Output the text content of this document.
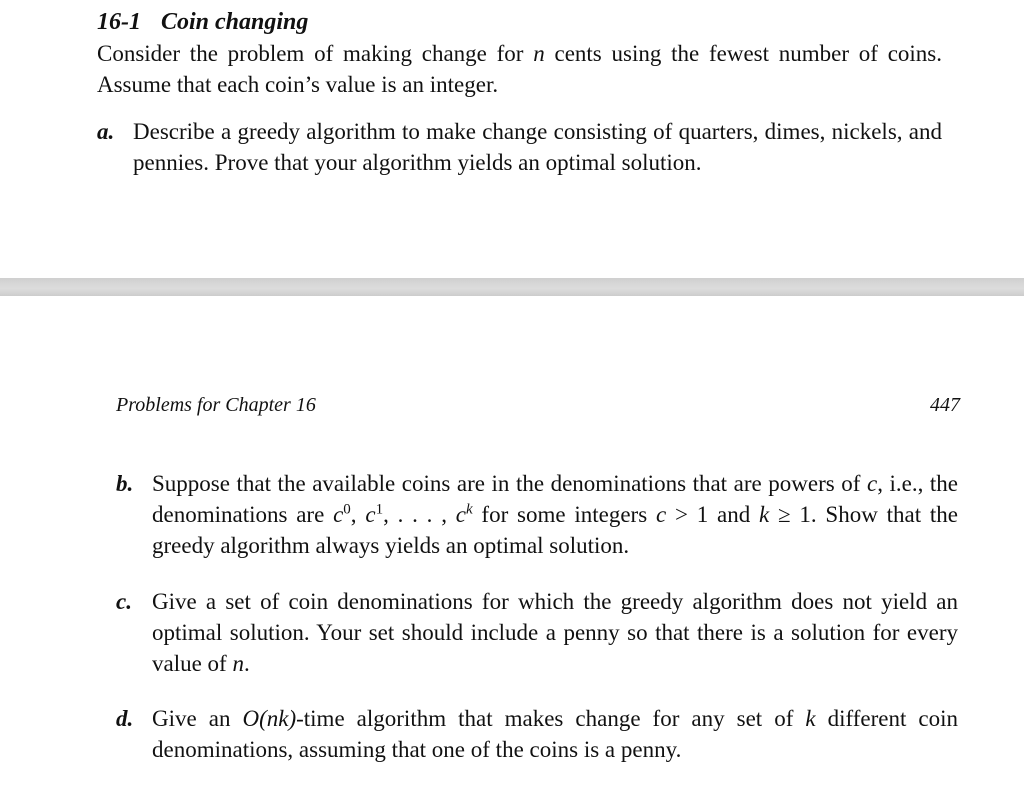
16-1 Coin changing
Consider the problem of making change for n cents using the fewest number of coins. Assume that each coin’s value is an integer.
a. Describe a greedy algorithm to make change consisting of quarters, dimes, nickels, and pennies. Prove that your algorithm yields an optimal solution.
Problems for Chapter 16	447
b. Suppose that the available coins are in the denominations that are powers of c, i.e., the denominations are $c^0$, $c^1$, . . . , $c^k$ for some integers c > 1 and k ≥ 1. Show that the greedy algorithm always yields an optimal solution.
c. Give a set of coin denominations for which the greedy algorithm does not yield an optimal solution. Your set should include a penny so that there is a solution for every value of n.
d. Give an O(nk)-time algorithm that makes change for any set of k different coin denominations, assuming that one of the coins is a penny.
